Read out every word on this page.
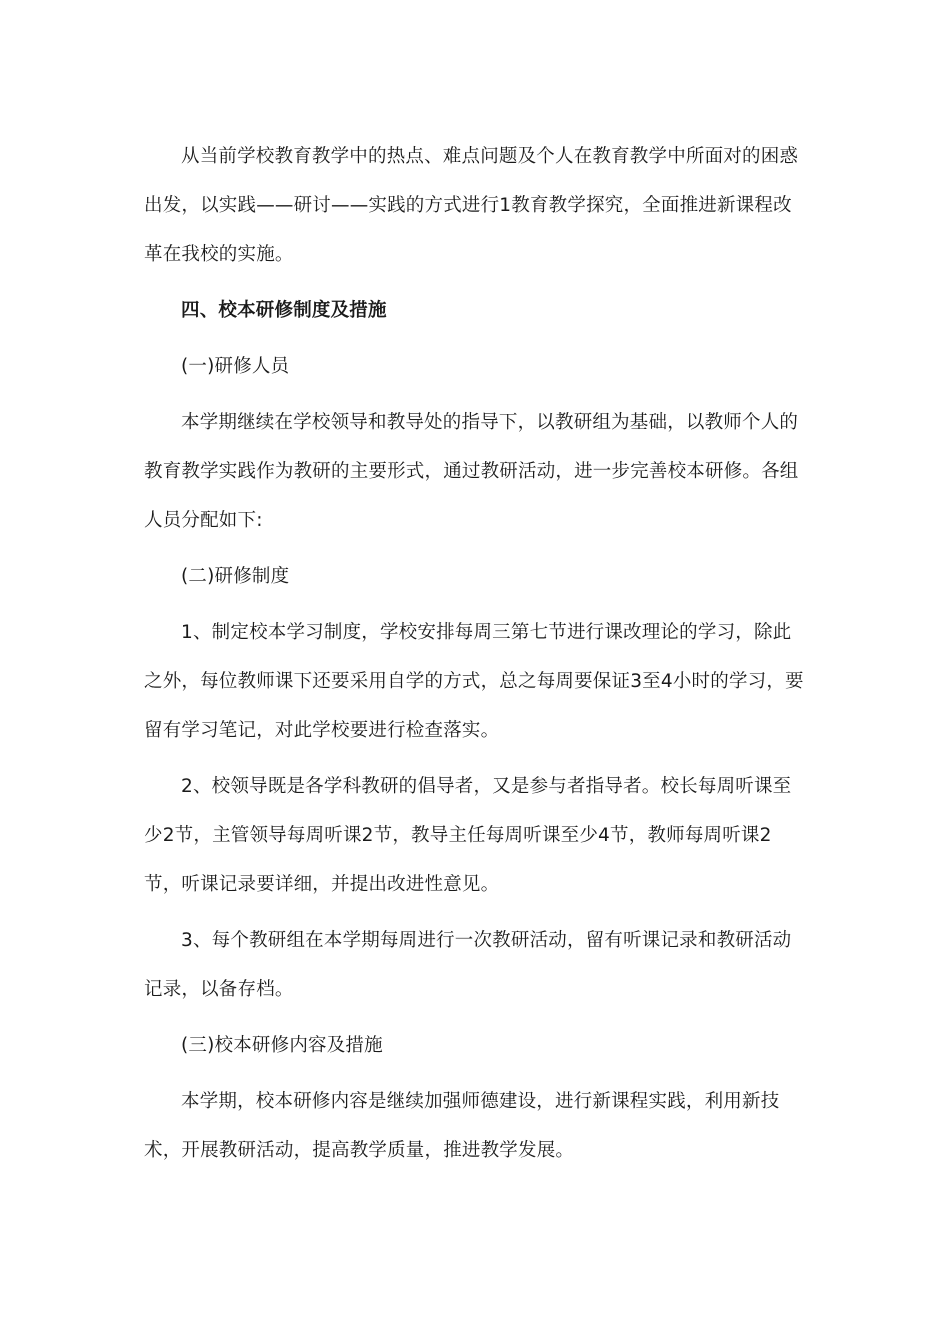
从当前学校教育教学中的热点、难点问题及个人在教育教学中所面对的困惑出发，以实践——研讨——实践的方式进行1教育教学探究，全面推进新课程改革在我校的实施。

四、校本研修制度及措施

(一)研修人员

本学期继续在学校领导和教导处的指导下，以教研组为基础，以教师个人的教育教学实践作为教研的主要形式，通过教研活动，进一步完善校本研修。各组人员分配如下:

(二)研修制度

1、制定校本学习制度，学校安排每周三第七节进行课改理论的学习，除此之外，每位教师课下还要采用自学的方式，总之每周要保证3至4小时的学习，要留有学习笔记，对此学校要进行检查落实。

2、校领导既是各学科教研的倡导者，又是参与者指导者。校长每周听课至少2节，主管领导每周听课2节，教导主任每周听课至少4节，教师每周听课2节，听课记录要详细，并提出改进性意见。

3、每个教研组在本学期每周进行一次教研活动，留有听课记录和教研活动记录，以备存档。

(三)校本研修内容及措施

本学期，校本研修内容是继续加强师德建设，进行新课程实践，利用新技术，开展教研活动，提高教学质量，推进教学发展。
